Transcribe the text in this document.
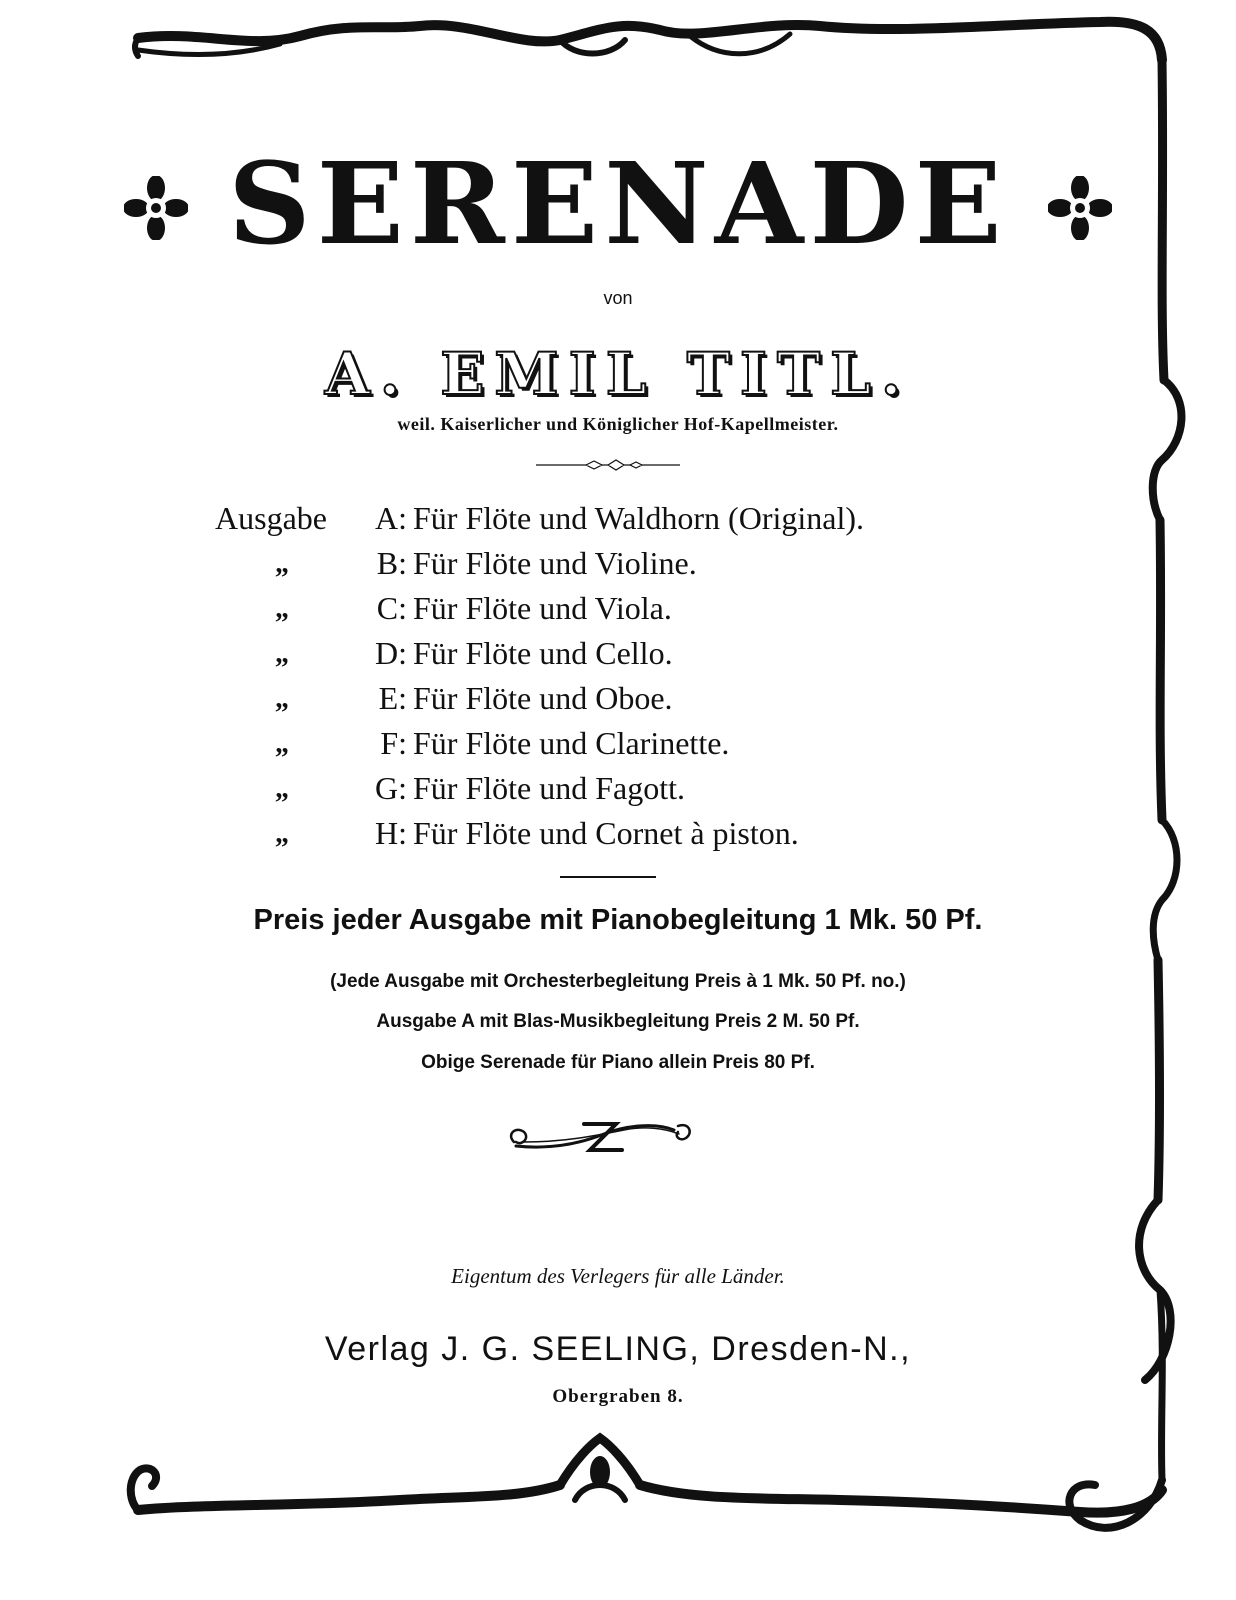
SERENADE
von
A. EMIL TITL.
weil. Kaiserlicher und Königlicher Hof-Kapellmeister.
Ausgabe	A: Für Flöte und Waldhorn (Original).
„	B: Für Flöte und Violine.
„	C: Für Flöte und Viola.
„	D: Für Flöte und Cello.
„	E: Für Flöte und Oboe.
„	F: Für Flöte und Clarinette.
„	G: Für Flöte und Fagott.
„	H: Für Flöte und Cornet à piston.
Preis jeder Ausgabe mit Pianobegleitung 1 Mk. 50 Pf.
(Jede Ausgabe mit Orchesterbegleitung Preis à 1 Mk. 50 Pf. no.)
Ausgabe A mit Blas-Musikbegleitung Preis 2 M. 50 Pf.
Obige Serenade für Piano allein Preis 80 Pf.
Eigentum des Verlegers für alle Länder.
Verlag J. G. SEELING, Dresden-N.,
Obergraben 8.
